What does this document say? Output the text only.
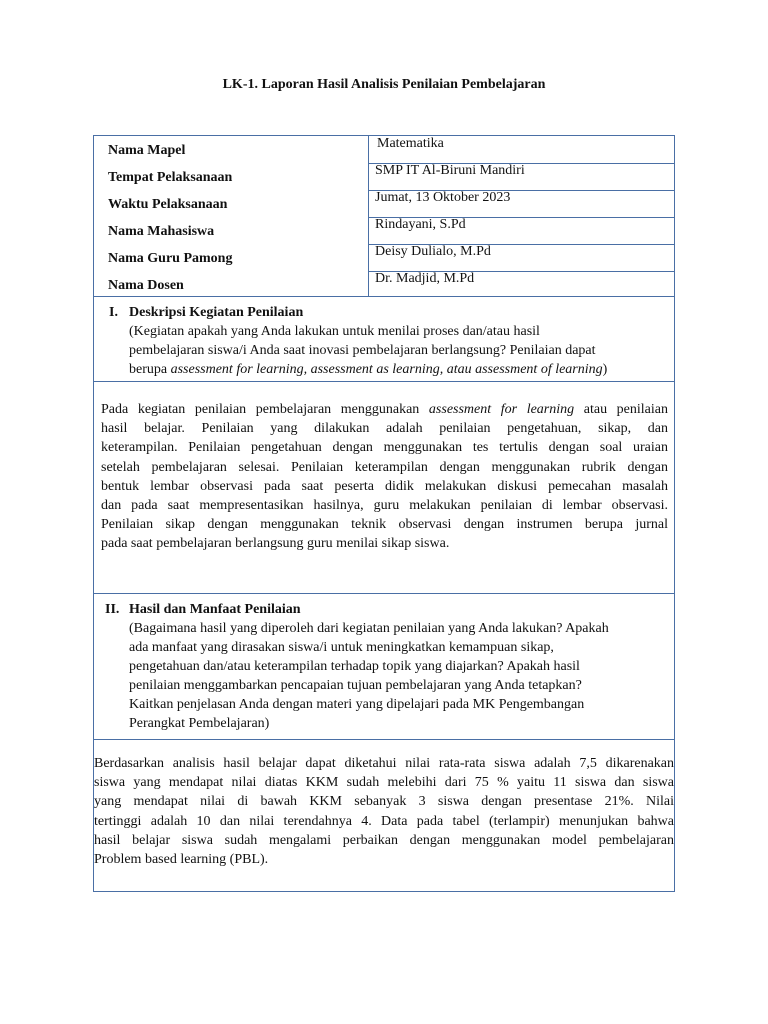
LK-1. Laporan Hasil Analisis Penilaian Pembelajaran
Nama Mapel	Matematika
Tempat Pelaksanaan	SMP IT Al-Biruni Mandiri
Waktu Pelaksanaan	Jumat, 13 Oktober 2023
Nama Mahasiswa	Rindayani, S.Pd
Nama Guru Pamong	Deisy Dulialo, M.Pd
Nama Dosen	Dr. Madjid, M.Pd
I. Deskripsi Kegiatan Penilaian
(Kegiatan apakah yang Anda lakukan untuk menilai proses dan/atau hasil
pembelajaran siswa/i Anda saat inovasi pembelajaran berlangsung? Penilaian dapat
berupa assessment for learning, assessment as learning, atau assessment of learning)
Pada kegiatan penilaian pembelajaran menggunakan assessment for learning atau penilaian
hasil belajar. Penilaian yang dilakukan adalah penilaian pengetahuan, sikap, dan
keterampilan. Penilaian pengetahuan dengan menggunakan tes tertulis dengan soal uraian
setelah pembelajaran selesai. Penilaian keterampilan dengan menggunakan rubrik dengan
bentuk lembar observasi pada saat peserta didik melakukan diskusi pemecahan masalah
dan pada saat mempresentasikan hasilnya, guru melakukan penilaian di lembar observasi.
Penilaian sikap dengan menggunakan teknik observasi dengan instrumen berupa jurnal
pada saat pembelajaran berlangsung guru menilai sikap siswa.
II. Hasil dan Manfaat Penilaian
(Bagaimana hasil yang diperoleh dari kegiatan penilaian yang Anda lakukan? Apakah
ada manfaat yang dirasakan siswa/i untuk meningkatkan kemampuan sikap,
pengetahuan dan/atau keterampilan terhadap topik yang diajarkan? Apakah hasil
penilaian menggambarkan pencapaian tujuan pembelajaran yang Anda tetapkan?
Kaitkan penjelasan Anda dengan materi yang dipelajari pada MK Pengembangan
Perangkat Pembelajaran)
Berdasarkan analisis hasil belajar dapat diketahui nilai rata-rata siswa adalah 7,5 dikarenakan
siswa yang mendapat nilai diatas KKM sudah melebihi dari 75 % yaitu 11 siswa dan siswa
yang mendapat nilai di bawah KKM sebanyak 3 siswa dengan presentase 21%. Nilai
tertinggi adalah 10 dan nilai terendahnya 4. Data pada tabel (terlampir) menunjukan bahwa
hasil belajar siswa sudah mengalami perbaikan dengan menggunakan model pembelajaran
Problem based learning (PBL).
